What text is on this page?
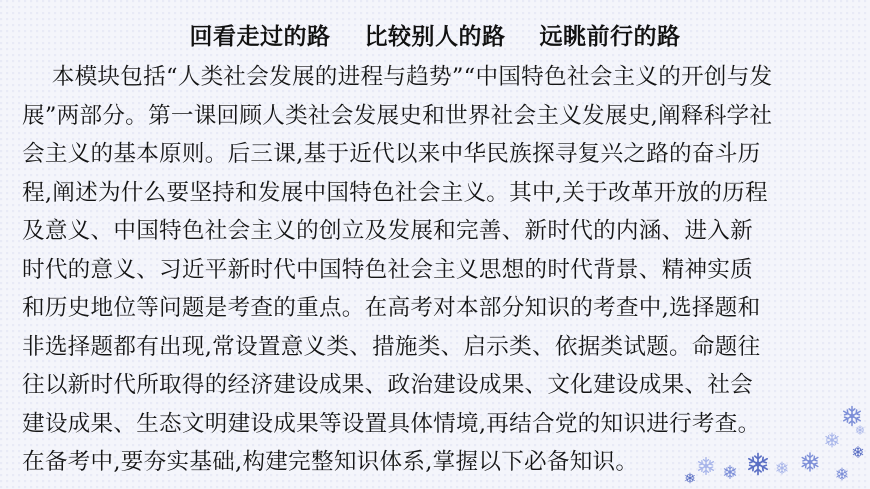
回看走过的路    比较别人的路    远眺前行的路
本模块包括“人类社会发展的进程与趋势”“中国特色社会主义的开创与发
展”两部分。第一课回顾人类社会发展史和世界社会主义发展史,阐释科学社
会主义的基本原则。后三课,基于近代以来中华民族探寻复兴之路的奋斗历
程,阐述为什么要坚持和发展中国特色社会主义。其中,关于改革开放的历程
及意义、中国特色社会主义的创立及发展和完善、新时代的内涵、进入新
时代的意义、习近平新时代中国特色社会主义思想的时代背景、精神实质
和历史地位等问题是考查的重点。在高考对本部分知识的考查中,选择题和
非选择题都有出现,常设置意义类、措施类、启示类、依据类试题。命题往
往以新时代所取得的经济建设成果、政治建设成果、文化建设成果、社会
建设成果、生态文明建设成果等设置具体情境,再结合党的知识进行考查。
在备考中,要夯实基础,构建完整知识体系,掌握以下必备知识。
